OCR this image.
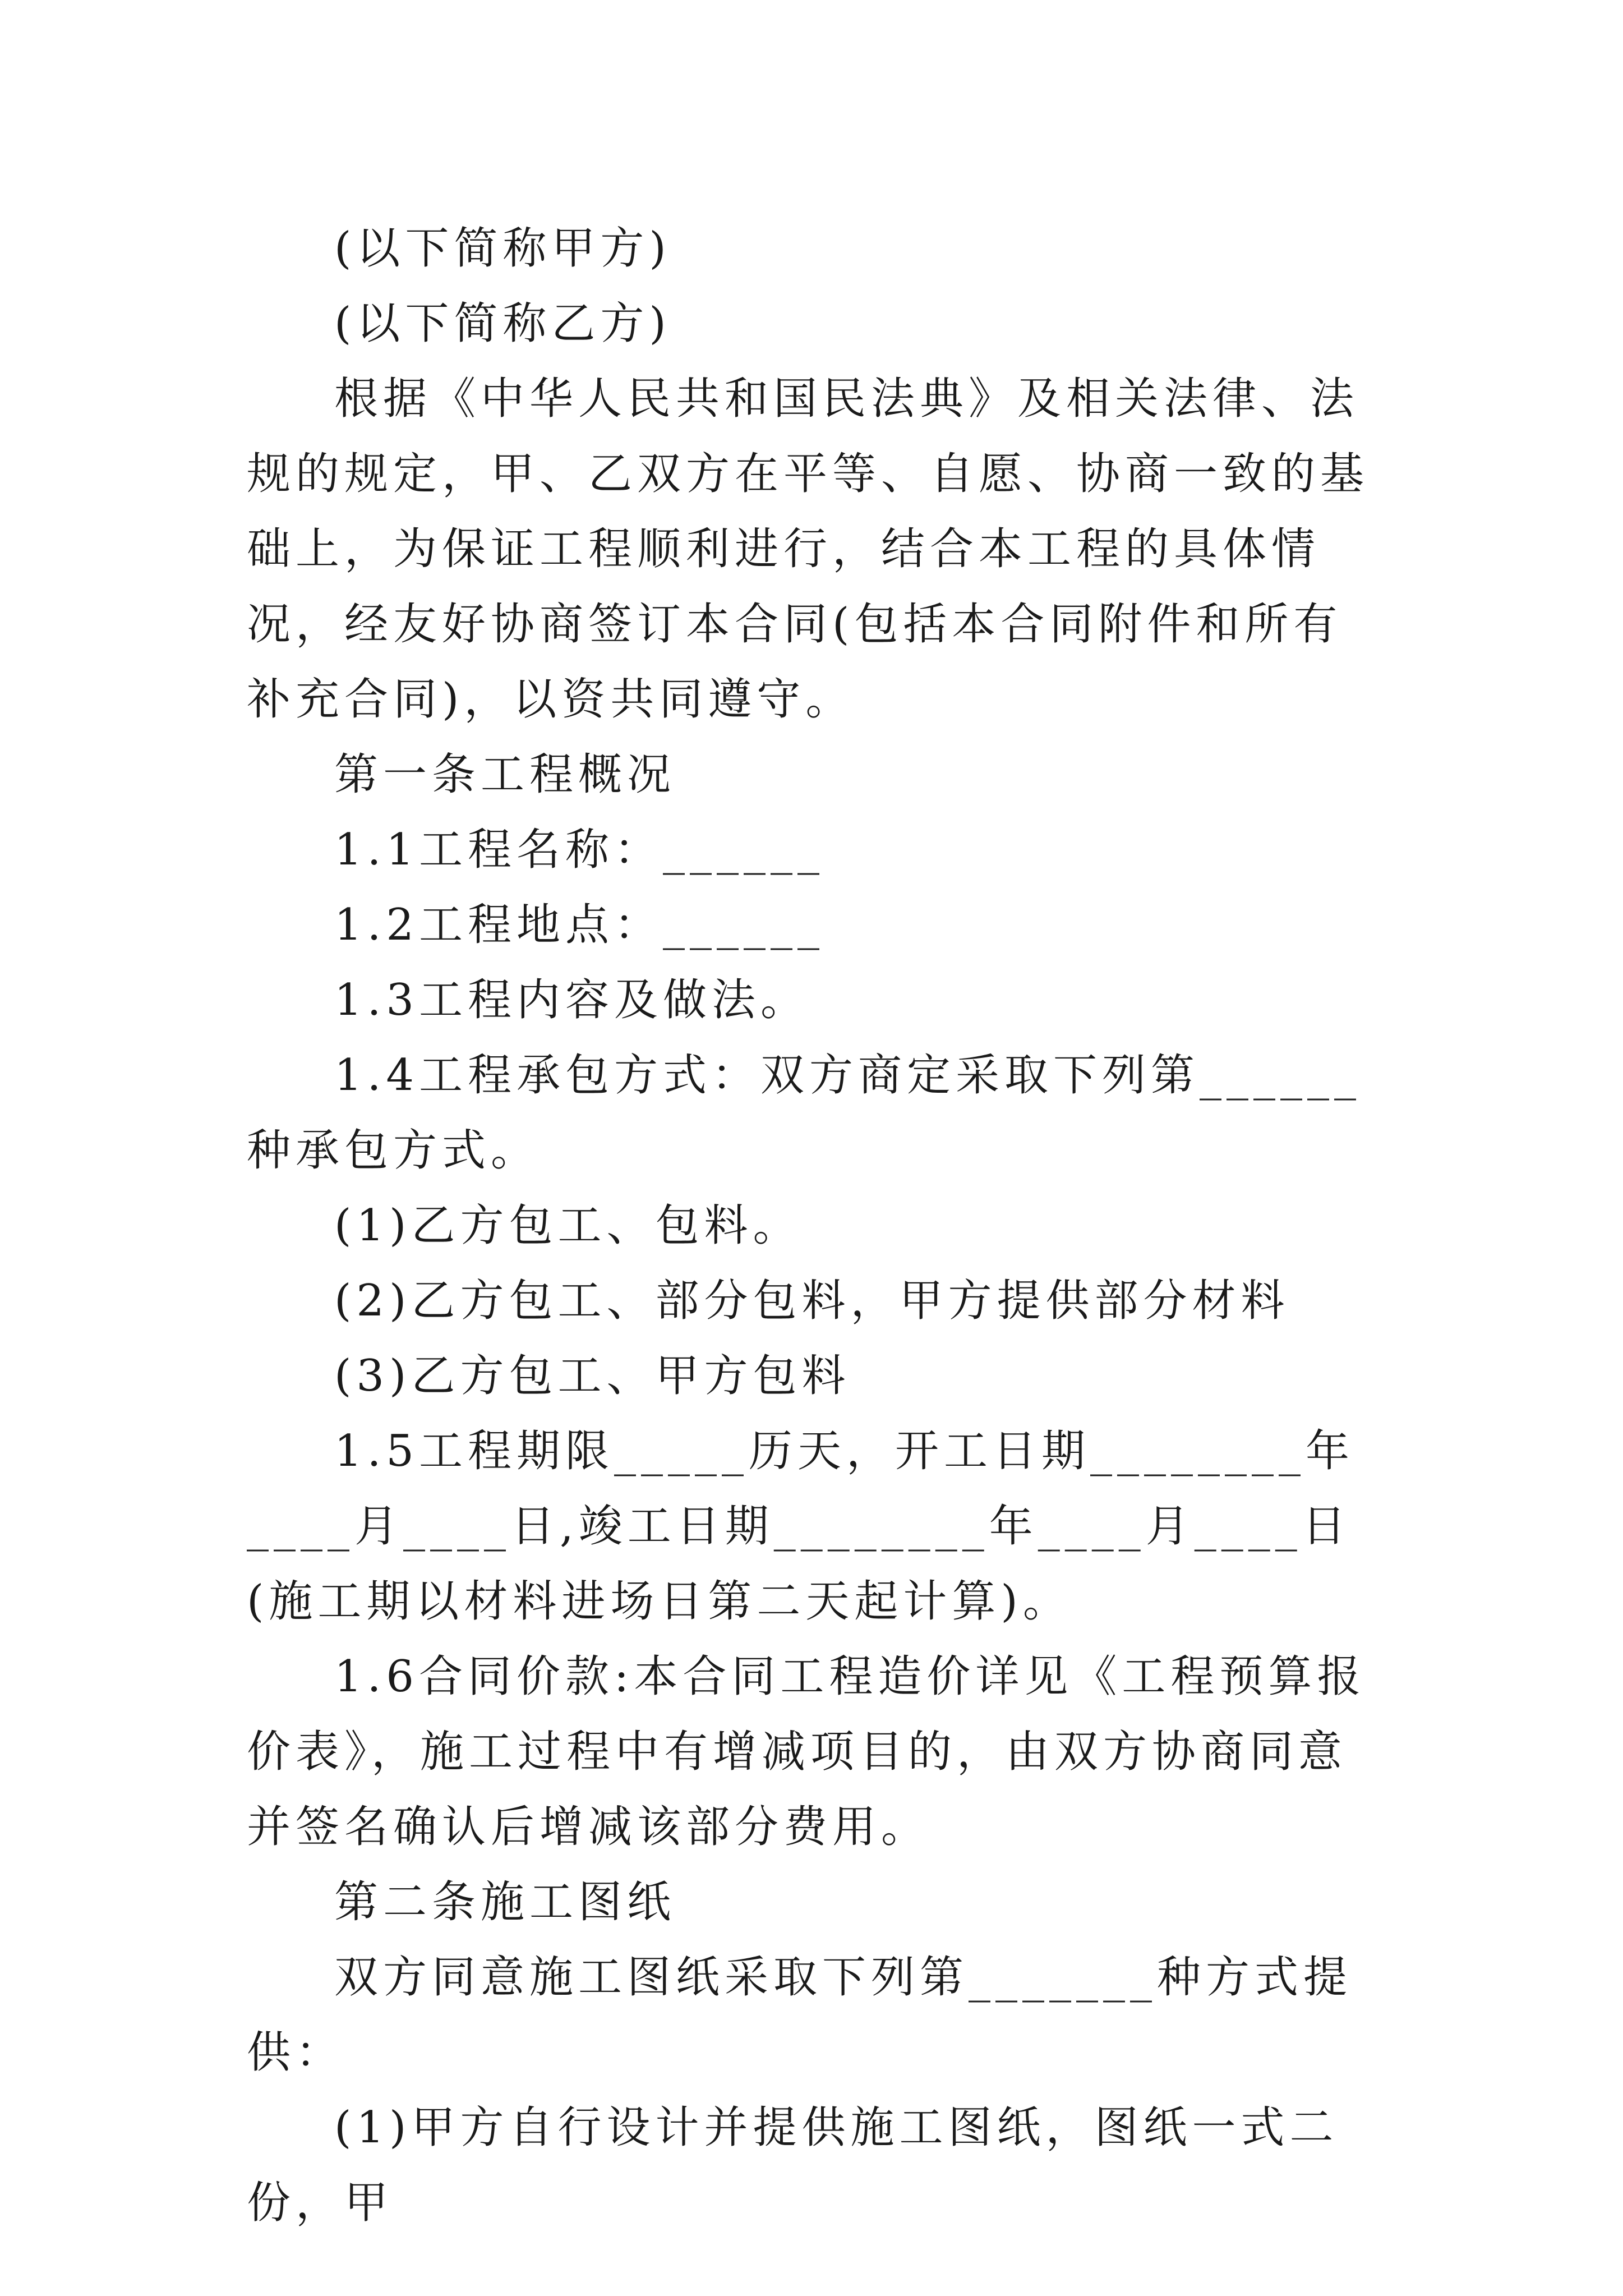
(以下简称甲方)

(以下简称乙方)

根据《中华人民共和国民法典》及相关法律、法规的规定，甲、乙双方在平等、自愿、协商一致的基础上，为保证工程顺利进行，结合本工程的具体情况，经友好协商签订本合同(包括本合同附件和所有补充合同)，以资共同遵守。

第一条工程概况

1.1工程名称：______

1.2工程地点：______

1.3工程内容及做法。

1.4工程承包方式：双方商定采取下列第______种承包方式。

(1)乙方包工、包料。

(2)乙方包工、部分包料，甲方提供部分材料

(3)乙方包工、甲方包料

1.5工程期限_____历天，开工日期________年____月____日,竣工日期________年____月____日(施工期以材料进场日第二天起计算)。

1.6合同价款:本合同工程造价详见《工程预算报价表》，施工过程中有增减项目的，由双方协商同意并签名确认后增减该部分费用。

第二条施工图纸

双方同意施工图纸采取下列第_______种方式提供：

(1)甲方自行设计并提供施工图纸，图纸一式二份，甲
